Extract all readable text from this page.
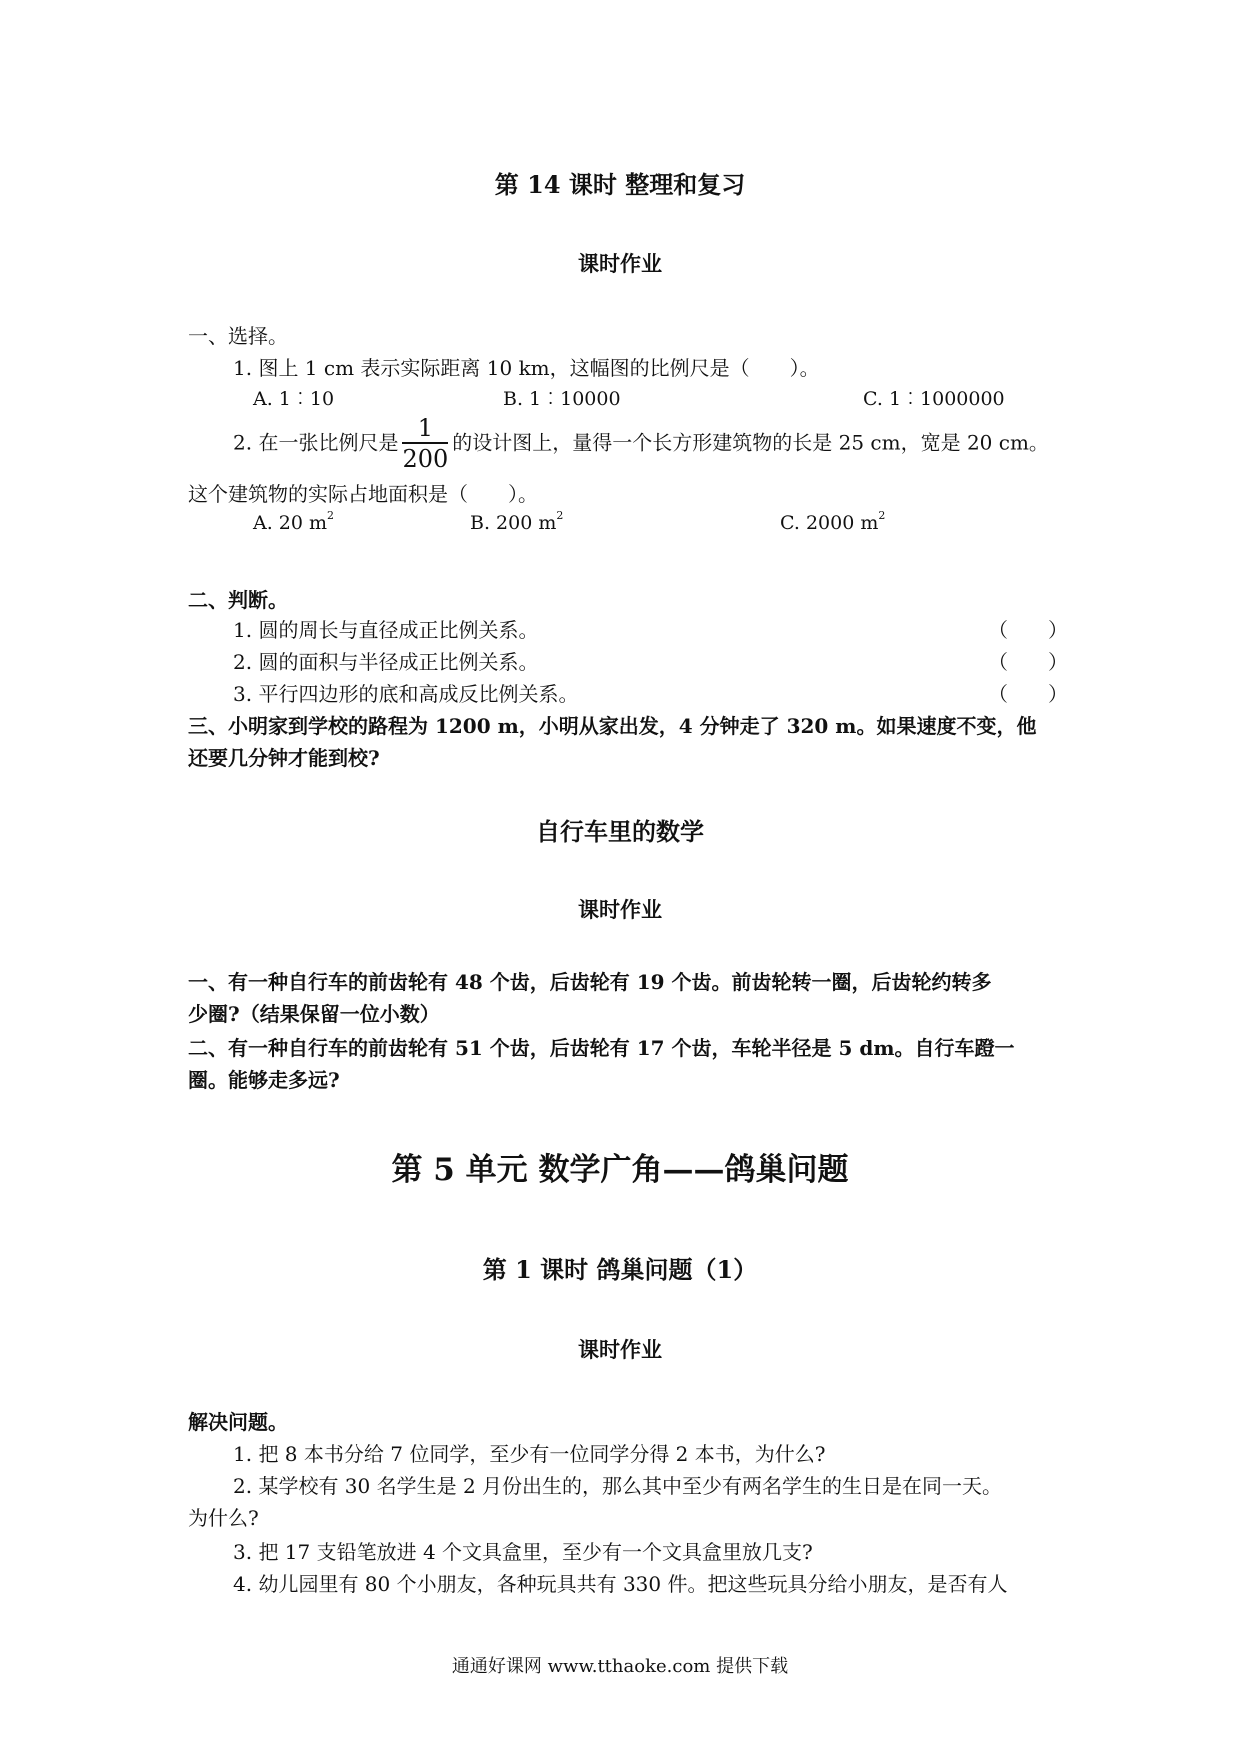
第 14 课时 整理和复习
课时作业
一、选择。
1. 图上 1 cm 表示实际距离 10 km，这幅图的比例尺是（　　）。
A. 1︰10	B. 1︰10000	C. 1︰1000000
2. 在一张比例尺是 $\frac{1}{200}$ 的设计图上，量得一个长方形建筑物的长是 25 cm，宽是 20 cm。
这个建筑物的实际占地面积是（　　）。
A. 20 $m^2$	B. 200 $m^2$	C. 2000 $m^2$
二、判断。
1. 圆的周长与直径成正比例关系。	（　　）
2. 圆的面积与半径成正比例关系。	（　　）
3. 平行四边形的底和高成反比例关系。	（　　）
三、小明家到学校的路程为 1200 m，小明从家出发，4 分钟走了 320 m。如果速度不变，他
还要几分钟才能到校?
自行车里的数学
课时作业
一、有一种自行车的前齿轮有 48 个齿，后齿轮有 19 个齿。前齿轮转一圈，后齿轮约转多
少圈?（结果保留一位小数）
二、有一种自行车的前齿轮有 51 个齿，后齿轮有 17 个齿，车轮半径是 5 dm。自行车蹬一
圈。能够走多远?
第 5 单元 数学广角——鸽巢问题
第 1 课时 鸽巢问题（1）
课时作业
解决问题。
1. 把 8 本书分给 7 位同学，至少有一位同学分得 2 本书，为什么?
2. 某学校有 30 名学生是 2 月份出生的，那么其中至少有两名学生的生日是在同一天。
为什么?
3. 把 17 支铅笔放进 4 个文具盒里，至少有一个文具盒里放几支?
4. 幼儿园里有 80 个小朋友，各种玩具共有 330 件。把这些玩具分给小朋友，是否有人
通通好课网 www.tthaoke.com 提供下载
